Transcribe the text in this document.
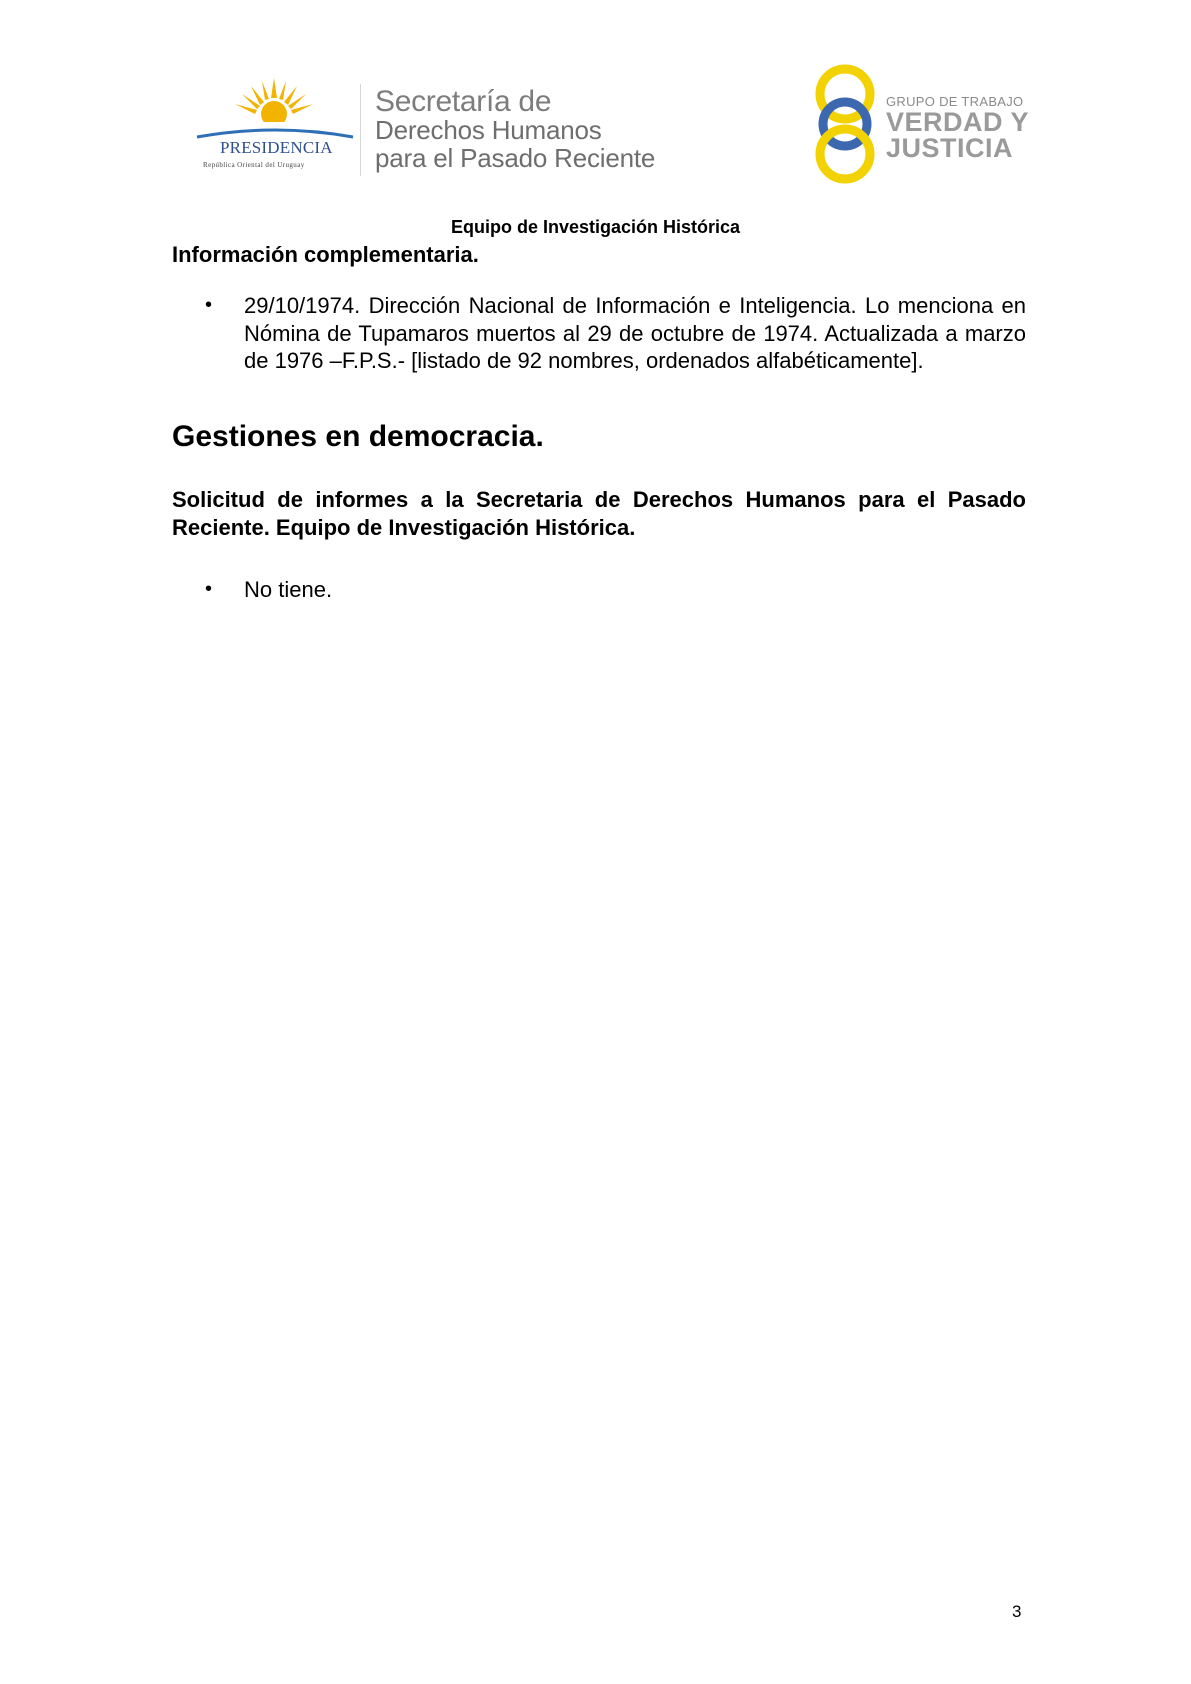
PRESIDENCIA
República Oriental del Uruguay
Secretaría de
Derechos Humanos
para el Pasado Reciente
GRUPO DE TRABAJO
VERDAD Y
JUSTICIA
Equipo de Investigación Histórica
Información complementaria.
• 29/10/1974. Dirección Nacional de Información e Inteligencia. Lo menciona en Nómina de Tupamaros muertos al 29 de octubre de 1974. Actualizada a marzo de 1976 –F.P.S.- [listado de 92 nombres, ordenados alfabéticamente].
Gestiones en democracia.
Solicitud de informes a la Secretaria de Derechos Humanos para el Pasado Reciente. Equipo de Investigación Histórica.
• No tiene.
3
